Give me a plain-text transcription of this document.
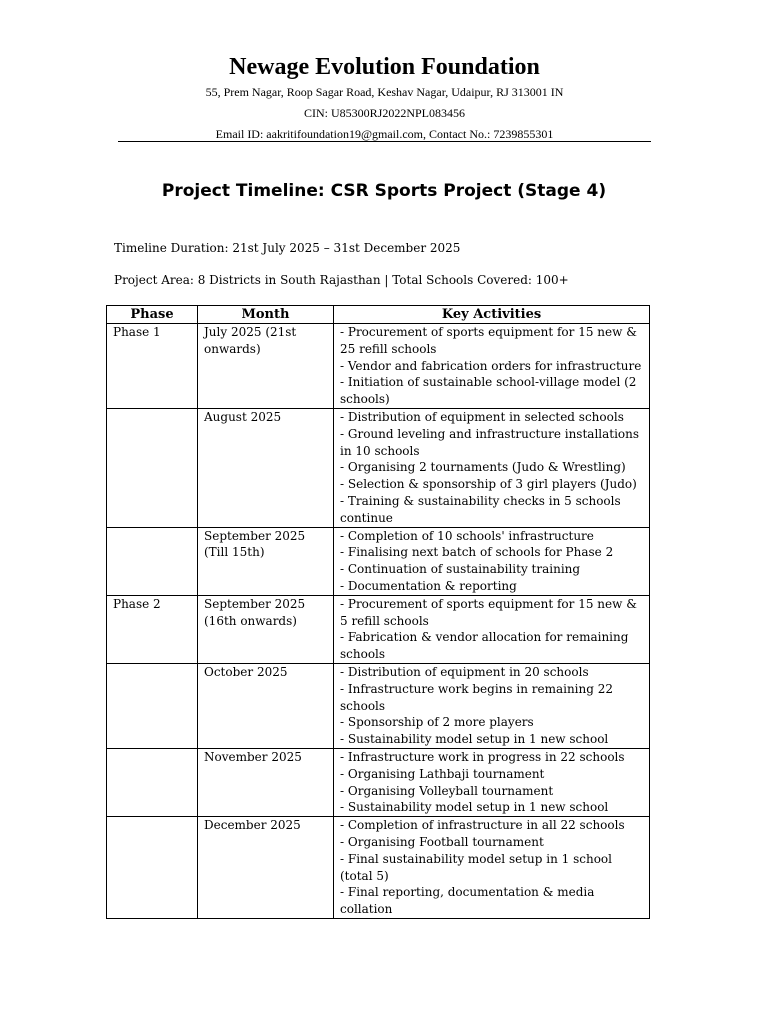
Newage Evolution Foundation

55, Prem Nagar, Roop Sagar Road, Keshav Nagar, Udaipur, RJ 313001 IN

CIN: U85300RJ2022NPL083456

Email ID: aakritifoundation19@gmail.com, Contact No.: 7239855301

Project Timeline: CSR Sports Project (Stage 4)

Timeline Duration: 21st July 2025 – 31st December 2025

Project Area: 8 Districts in South Rajasthan | Total Schools Covered: 100+

Phase	Month	Key Activities
Phase 1	July 2025 (21st onwards)	- Procurement of sports equipment for 15 new & 25 refill schools
- Vendor and fabrication orders for infrastructure
- Initiation of sustainable school-village model (2 schools)

	August 2025	- Distribution of equipment in selected schools
- Ground leveling and infrastructure installations in 10 schools
- Organising 2 tournaments (Judo & Wrestling)
- Selection & sponsorship of 3 girl players (Judo)
- Training & sustainability checks in 5 schools continue

	September 2025 (Till 15th)	- Completion of 10 schools' infrastructure
- Finalising next batch of schools for Phase 2
- Continuation of sustainability training
- Documentation & reporting

Phase 2	September 2025 (16th onwards)	- Procurement of sports equipment for 15 new & 5 refill schools
- Fabrication & vendor allocation for remaining schools

	October 2025	- Distribution of equipment in 20 schools
- Infrastructure work begins in remaining 22 schools
- Sponsorship of 2 more players
- Sustainability model setup in 1 new school

	November 2025	- Infrastructure work in progress in 22 schools
- Organising Lathbaji tournament
- Organising Volleyball tournament
- Sustainability model setup in 1 new school

	December 2025	- Completion of infrastructure in all 22 schools
- Organising Football tournament
- Final sustainability model setup in 1 school (total 5)
- Final reporting, documentation & media collation
